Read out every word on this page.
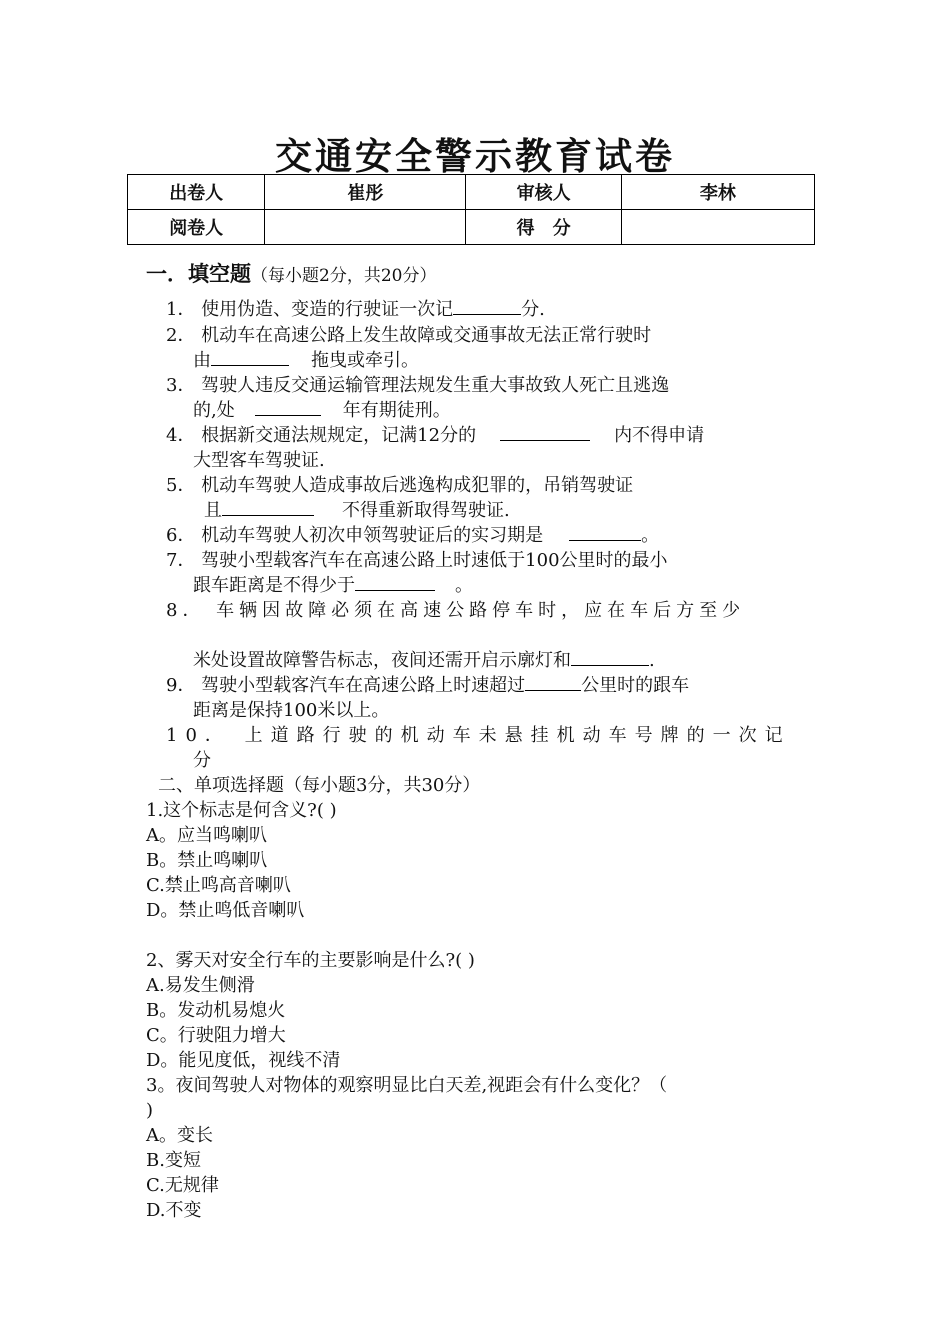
交通安全警示教育试卷
出卷人	崔彤	审核人	李林
阅卷人		得　分	
一．填空题（每小题2分，共20分）
1． 使用伪造、变造的行驶证一次记	分.
2． 机动车在高速公路上发生故障或交通事故无法正常行驶时
由	拖曳或牵引。
3． 驾驶人违反交通运输管理法规发生重大事故致人死亡且逃逸
的,处	年有期徒刑。
4． 根据新交通法规规定，记满12分的	内不得申请
大型客车驾驶证.
5． 机动车驾驶人造成事故后逃逸构成犯罪的，吊销驾驶证
且	不得重新取得驾驶证.
6． 机动车驾驶人初次申领驾驶证后的实习期是	。
7． 驾驶小型载客汽车在高速公路上时速低于100公里时的最小
跟车距离是不得少于	。
8． 车辆因故障必须在高速公路停车时，应在车后方至少
米处设置故障警告标志，夜间还需开启示廓灯和	.
9． 驾驶小型载客汽车在高速公路上时速超过	公里时的跟车
距离是保持100米以上。
10． 上道路行驶的机动车未悬挂机动车号牌的一次记
分
二、单项选择题（每小题3分，共30分）
1.这个标志是何含义?( )
A。应当鸣喇叭
B。禁止鸣喇叭
C.禁止鸣高音喇叭
D。禁止鸣低音喇叭
2、雾天对安全行车的主要影响是什么?( )
A.易发生侧滑
B。发动机易熄火
C。行驶阻力增大
D。能见度低，视线不清
3。夜间驾驶人对物体的观察明显比白天差,视距会有什么变化？（
)
A。变长
B.变短
C.无规律
D.不变
